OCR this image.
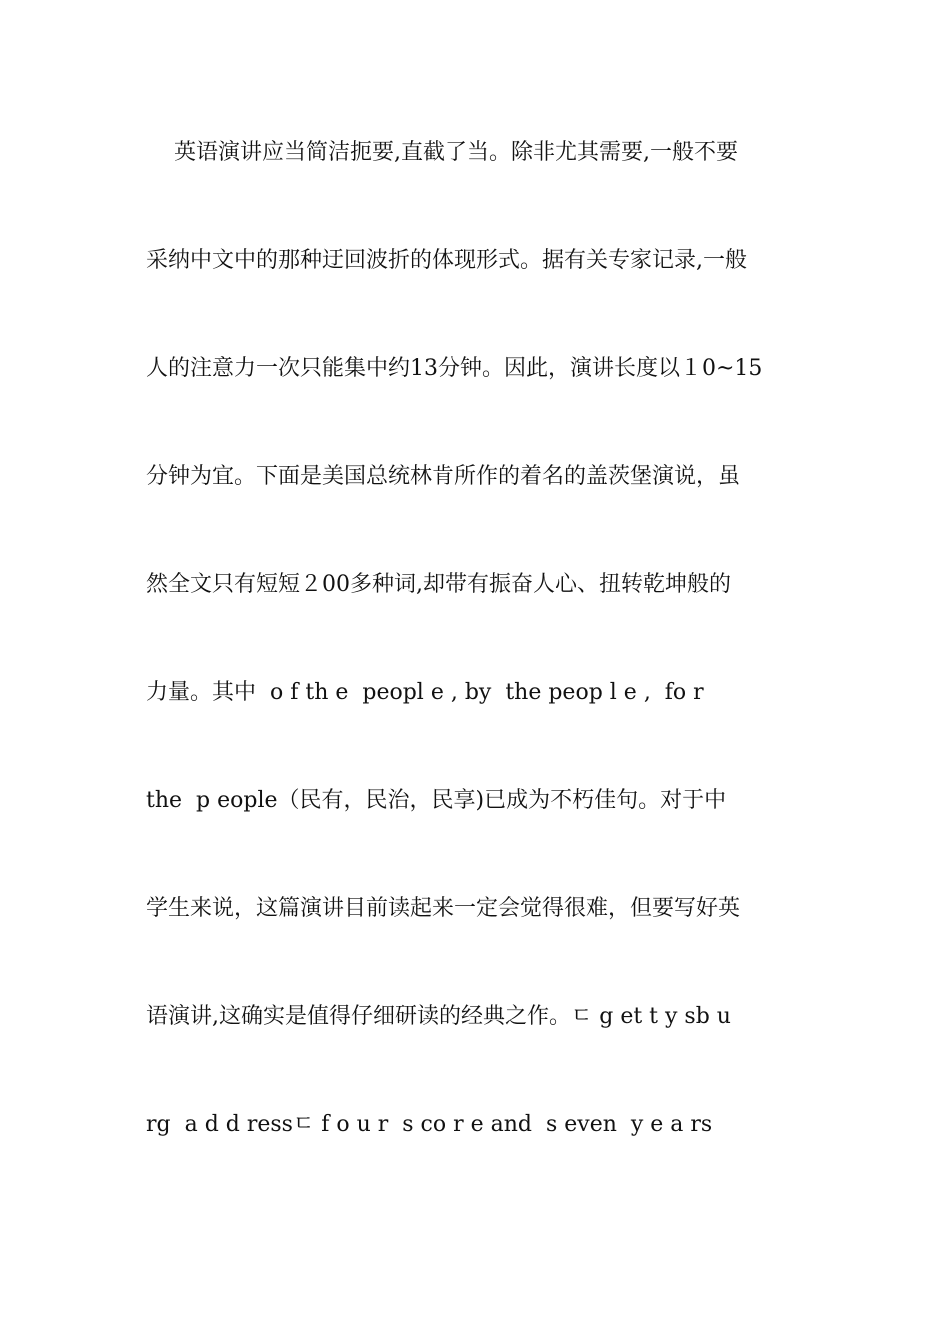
英语演讲应当简洁扼要,直截了当。除非尤其需要,一般不要
采纳中文中的那种迂回波折的体现形式。据有关专家记录,一般
人的注意力一次只能集中约13分钟。因此，演讲长度以１0~15
分钟为宜。下面是美国总统林肯所作的着名的盖茨堡演说，虽
然全文只有短短２00多种词,却带有振奋人心、扭转乾坤般的
力量。其中  o f th e  peopl e , by  the peop l e ,  fo r
the  p eople（民有，民治，民享)已成为不朽佳句。对于中
学生来说，这篇演讲目前读起来一定会觉得很难，但要写好英
语演讲,这确实是值得仔细研读的经典之作。ﾧ g et t y sb u
rg  a d d ressﾧ f o u r  s co r e and  s even  y e a rs
